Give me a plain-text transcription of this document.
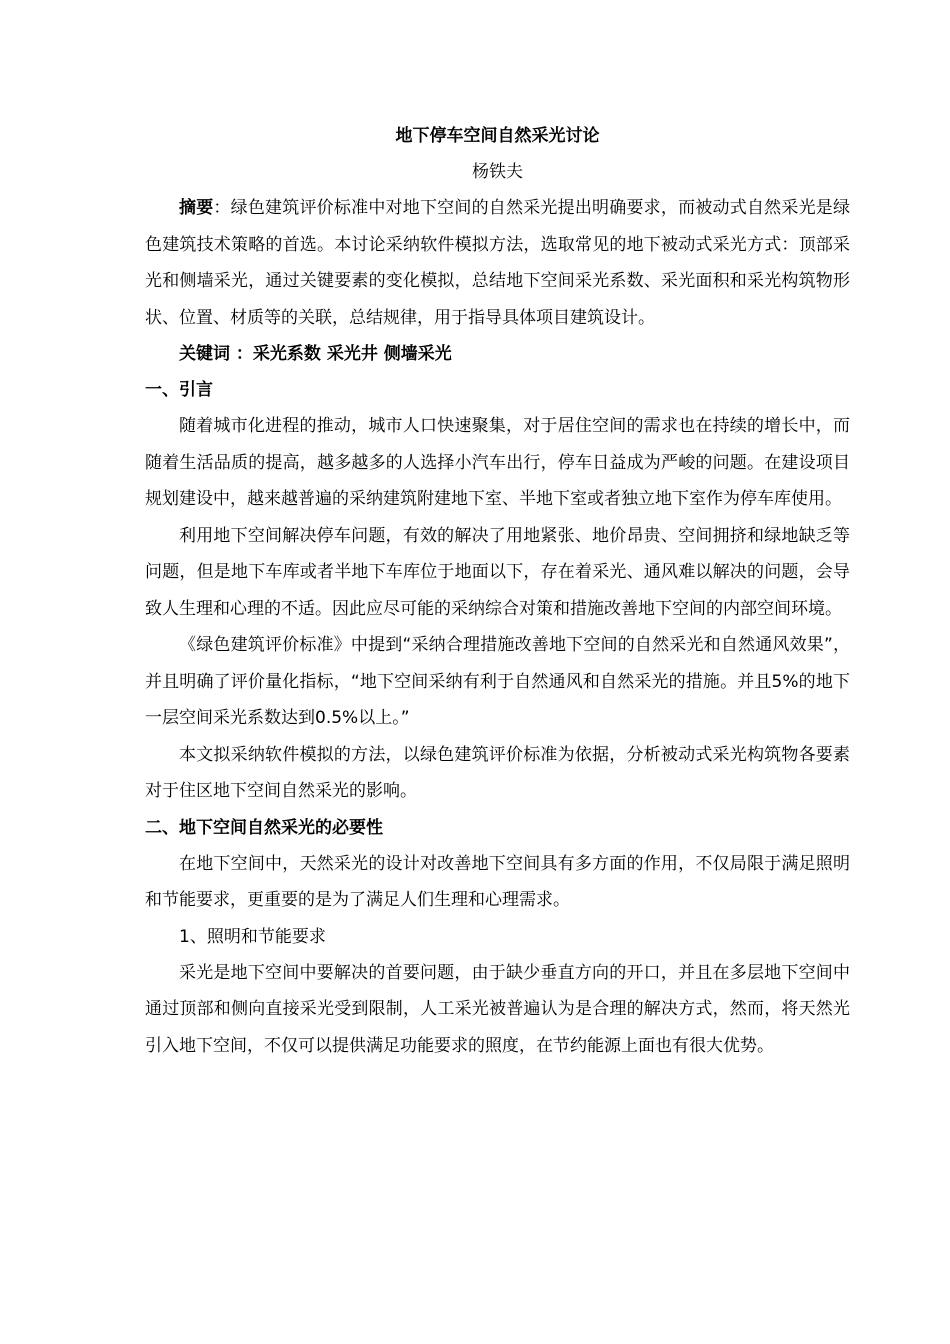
地下停车空间自然采光讨论

杨铁夫

摘要：绿色建筑评价标准中对地下空间的自然采光提出明确要求，而被动式自然采光是绿色建筑技术策略的首选。本讨论采纳软件模拟方法，选取常见的地下被动式采光方式：顶部采光和侧墙采光，通过关键要素的变化模拟，总结地下空间采光系数、采光面积和采光构筑物形状、位置、材质等的关联，总结规律，用于指导具体项目建筑设计。

关键词 ：采光系数 采光井 侧墙采光

一、引言

随着城市化进程的推动，城市人口快速聚集，对于居住空间的需求也在持续的增长中，而随着生活品质的提高，越多越多的人选择小汽车出行，停车日益成为严峻的问题。在建设项目规划建设中，越来越普遍的采纳建筑附建地下室、半地下室或者独立地下室作为停车库使用。

利用地下空间解决停车问题，有效的解决了用地紧张、地价昂贵、空间拥挤和绿地缺乏等问题，但是地下车库或者半地下车库位于地面以下，存在着采光、通风难以解决的问题，会导致人生理和心理的不适。因此应尽可能的采纳综合对策和措施改善地下空间的内部空间环境。

《绿色建筑评价标准》中提到“采纳合理措施改善地下空间的自然采光和自然通风效果”，并且明确了评价量化指标，“地下空间采纳有利于自然通风和自然采光的措施。并且5%的地下一层空间采光系数达到0.5%以上。”

本文拟采纳软件模拟的方法，以绿色建筑评价标准为依据，分析被动式采光构筑物各要素对于住区地下空间自然采光的影响。

二、地下空间自然采光的必要性

在地下空间中，天然采光的设计对改善地下空间具有多方面的作用，不仅局限于满足照明和节能要求，更重要的是为了满足人们生理和心理需求。

1、照明和节能要求

采光是地下空间中要解决的首要问题，由于缺少垂直方向的开口，并且在多层地下空间中通过顶部和侧向直接采光受到限制，人工采光被普遍认为是合理的解决方式，然而，将天然光引入地下空间，不仅可以提供满足功能要求的照度，在节约能源上面也有很大优势。
